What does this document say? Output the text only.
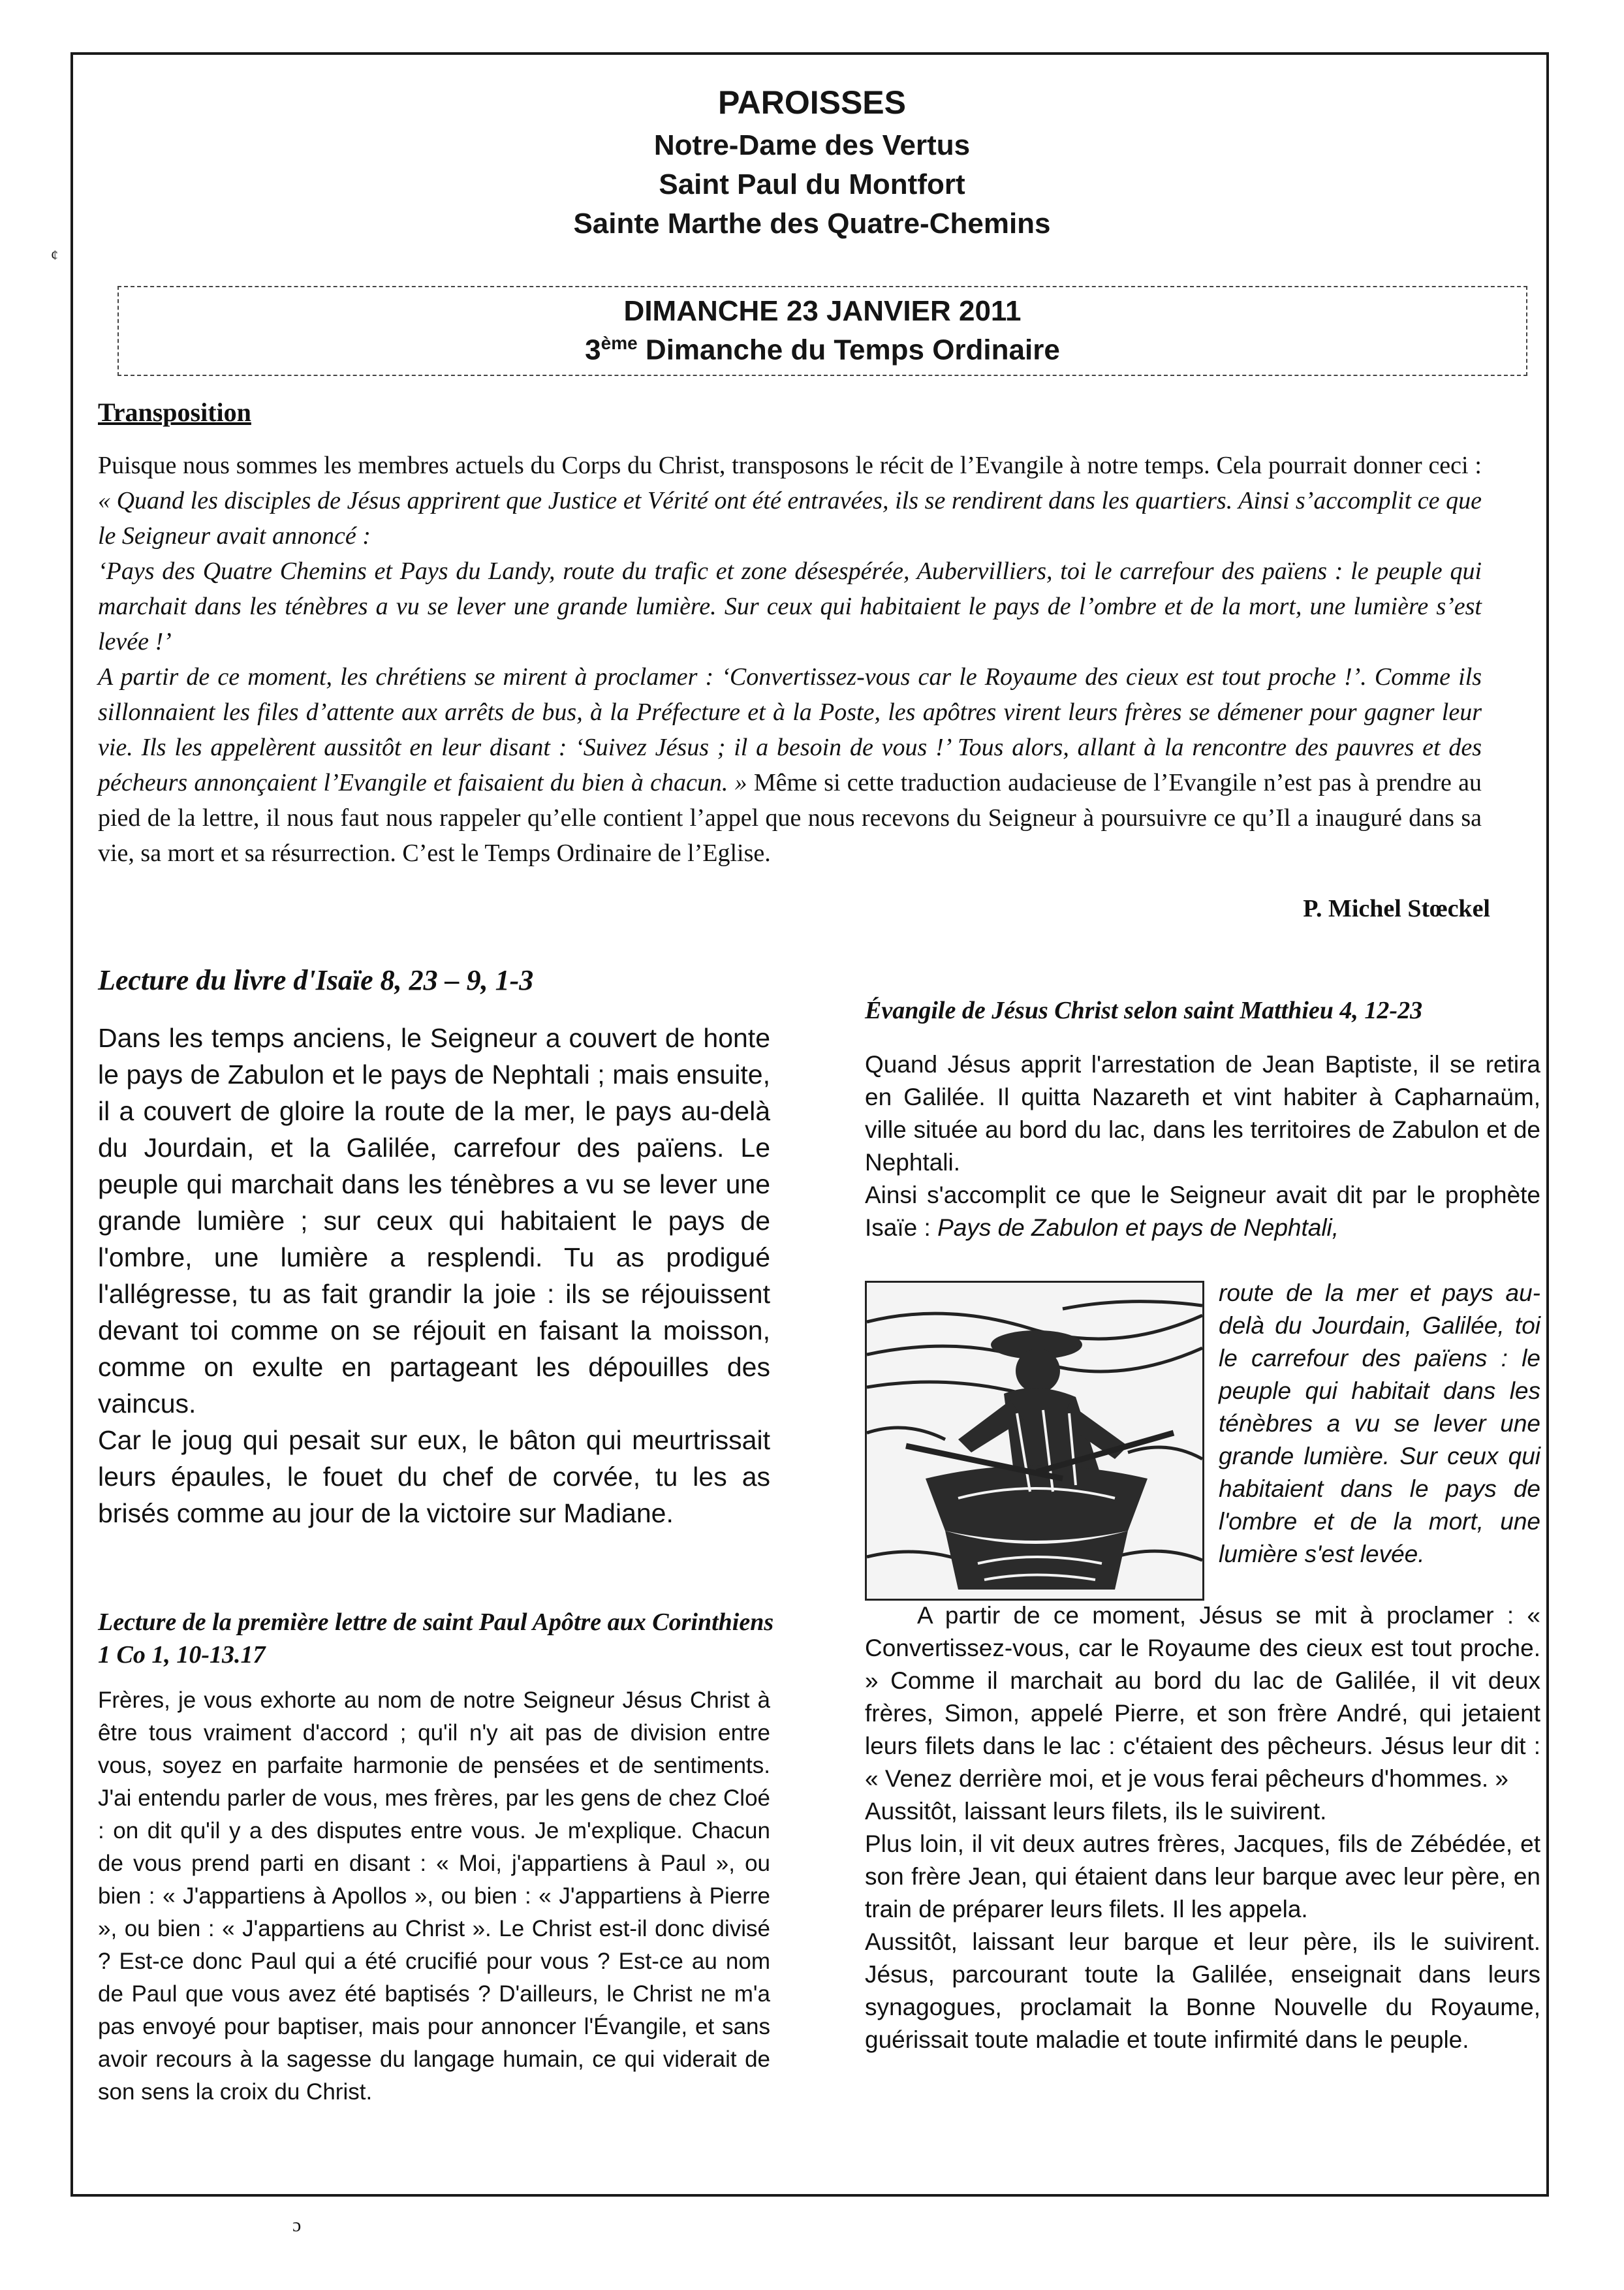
PAROISSES
Notre-Dame des Vertus
Saint Paul du Montfort
Sainte Marthe des Quatre-Chemins
DIMANCHE 23 JANVIER 2011
3ème Dimanche du Temps Ordinaire
Transposition
Puisque nous sommes les membres actuels du Corps du Christ, transposons le récit de l’Evangile à notre temps. Cela pourrait donner ceci : « Quand les disciples de Jésus apprirent que Justice et Vérité ont été entravées, ils se rendirent dans les quartiers. Ainsi s’accomplit ce que le Seigneur avait annoncé :
‘Pays des Quatre Chemins et Pays du Landy, route du trafic et zone désespérée, Aubervilliers, toi le carrefour des païens : le peuple qui marchait dans les ténèbres a vu se lever une grande lumière. Sur ceux qui habitaient le pays de l’ombre et de la mort, une lumière s’est levée !’
A partir de ce moment, les chrétiens se mirent à proclamer : ‘Convertissez-vous car le Royaume des cieux est tout proche !’. Comme ils sillonnaient les files d’attente aux arrêts de bus, à la Préfecture et à la Poste, les apôtres virent leurs frères se démener pour gagner leur vie. Ils les appelèrent aussitôt en leur disant : ‘Suivez Jésus ; il a besoin de vous !’ Tous alors, allant à la rencontre des pauvres et des pécheurs annonçaient l’Evangile et faisaient du bien à chacun. » Même si cette traduction audacieuse de l’Evangile n’est pas à prendre au pied de la lettre, il nous faut nous rappeler qu’elle contient l’appel que nous recevons du Seigneur à poursuivre ce qu’Il a inauguré dans sa vie, sa mort et sa résurrection. C’est le Temps Ordinaire de l’Eglise.
P. Michel Stœckel
Lecture du livre d'Isaïe 8, 23 – 9, 1-3

Dans les temps anciens, le Seigneur a couvert de honte le pays de Zabulon et le pays de Nephtali ; mais ensuite, il a couvert de gloire la route de la mer, le pays au-delà du Jourdain, et la Galilée, carrefour des païens. Le peuple qui marchait dans les ténèbres a vu se lever une grande lumière ; sur ceux qui habitaient le pays de l'ombre, une lumière a resplendi. Tu as prodigué l'allégresse, tu as fait grandir la joie : ils se réjouissent devant toi comme on se réjouit en faisant la moisson, comme on exulte en partageant les dépouilles des vaincus.

Car le joug qui pesait sur eux, le bâton qui meurtrissait leurs épaules, le fouet du chef de corvée, tu les as brisés comme au jour de la victoire sur Madiane.

Lecture de la première lettre de saint Paul Apôtre aux Corinthiens 1 Co 1, 10-13.17
Frères, je vous exhorte au nom de notre Seigneur Jésus Christ à être tous vraiment d'accord ; qu'il n'y ait pas de division entre vous, soyez en parfaite harmonie de pensées et de sentiments. J'ai entendu parler de vous, mes frères, par les gens de chez Cloé : on dit qu'il y a des disputes entre vous. Je m'explique. Chacun de vous prend parti en disant : « Moi, j'appartiens à Paul », ou bien : « J'appartiens à Apollos », ou bien : « J'appartiens à Pierre », ou bien : « J'appartiens au Christ ». Le Christ est-il donc divisé ? Est-ce donc Paul qui a été crucifié pour vous ? Est-ce au nom de Paul que vous avez été baptisés ? D'ailleurs, le Christ ne m'a pas envoyé pour baptiser, mais pour annoncer l'Évangile, et sans avoir recours à la sagesse du langage humain, ce qui viderait de son sens la croix du Christ.
Évangile de Jésus Christ selon saint Matthieu 4, 12-23

Quand Jésus apprit l'arrestation de Jean Baptiste, il se retira en Galilée. Il quitta Nazareth et vint habiter à Capharnaüm, ville située au bord du lac, dans les territoires de Zabulon et de Nephtali.

Ainsi s'accomplit ce que le Seigneur avait dit par le prophète Isaïe : Pays de Zabulon et pays de Nephtali,

route de la mer et pays au-delà du Jourdain, Galilée, toi le carrefour des païens : le peuple qui habitait dans les ténèbres a vu se lever une grande lumière. Sur ceux qui habitaient dans le pays de l'ombre et de la mort, une lumière s'est levée.

A partir de ce moment, Jésus se mit à proclamer : « Convertissez-vous, car le Royaume des cieux est tout proche. » Comme il marchait au bord du lac de Galilée, il vit deux frères, Simon, appelé Pierre, et son frère André, qui jetaient leurs filets dans le lac : c'étaient des pêcheurs. Jésus leur dit : « Venez derrière moi, et je vous ferai pêcheurs d'hommes. »

Aussitôt, laissant leurs filets, ils le suivirent.

Plus loin, il vit deux autres frères, Jacques, fils de Zébédée, et son frère Jean, qui étaient dans leur barque avec leur père, en train de préparer leurs filets. Il les appela.

Aussitôt, laissant leur barque et leur père, ils le suivirent. Jésus, parcourant toute la Galilée, enseignait dans leurs synagogues, proclamait la Bonne Nouvelle du Royaume, guérissait toute maladie et toute infirmité dans le peuple.

¢
ɔ
